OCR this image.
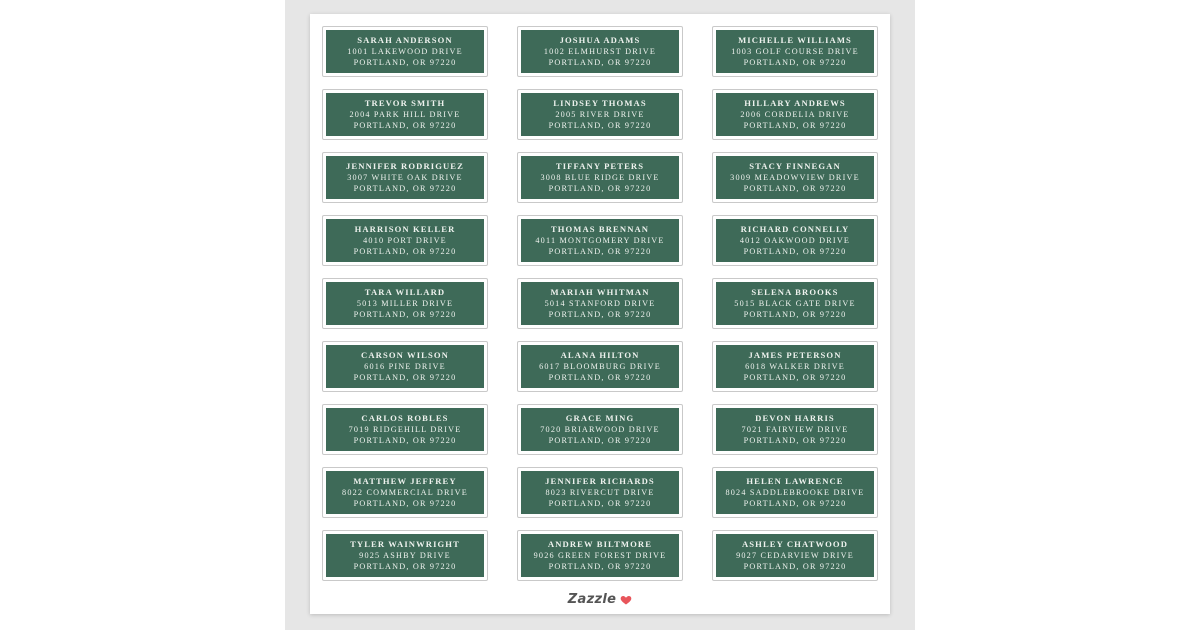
SARAH ANDERSON
1001 LAKEWOOD DRIVE
PORTLAND, OR 97220
JOSHUA ADAMS
1002 ELMHURST DRIVE
PORTLAND, OR 97220
MICHELLE WILLIAMS
1003 GOLF COURSE DRIVE
PORTLAND, OR 97220
TREVOR SMITH
2004 PARK HILL DRIVE
PORTLAND, OR 97220
LINDSEY THOMAS
2005 RIVER DRIVE
PORTLAND, OR 97220
HILLARY ANDREWS
2006 CORDELIA DRIVE
PORTLAND, OR 97220
JENNIFER RODRIGUEZ
3007 WHITE OAK DRIVE
PORTLAND, OR 97220
TIFFANY PETERS
3008 BLUE RIDGE DRIVE
PORTLAND, OR 97220
STACY FINNEGAN
3009 MEADOWVIEW DRIVE
PORTLAND, OR 97220
HARRISON KELLER
4010 PORT DRIVE
PORTLAND, OR 97220
THOMAS BRENNAN
4011 MONTGOMERY DRIVE
PORTLAND, OR 97220
RICHARD CONNELLY
4012 OAKWOOD DRIVE
PORTLAND, OR 97220
TARA WILLARD
5013 MILLER DRIVE
PORTLAND, OR 97220
MARIAH WHITMAN
5014 STANFORD DRIVE
PORTLAND, OR 97220
SELENA BROOKS
5015 BLACK GATE DRIVE
PORTLAND, OR 97220
CARSON WILSON
6016 PINE DRIVE
PORTLAND, OR 97220
ALANA HILTON
6017 BLOOMBURG DRIVE
PORTLAND, OR 97220
JAMES PETERSON
6018 WALKER DRIVE
PORTLAND, OR 97220
CARLOS ROBLES
7019 RIDGEHILL DRIVE
PORTLAND, OR 97220
GRACE MING
7020 BRIARWOOD DRIVE
PORTLAND, OR 97220
DEVON HARRIS
7021 FAIRVIEW DRIVE
PORTLAND, OR 97220
MATTHEW JEFFREY
8022 COMMERCIAL DRIVE
PORTLAND, OR 97220
JENNIFER RICHARDS
8023 RIVERCUT DRIVE
PORTLAND, OR 97220
HELEN LAWRENCE
8024 SADDLEBROOKE DRIVE
PORTLAND, OR 97220
TYLER WAINWRIGHT
9025 ASHBY DRIVE
PORTLAND, OR 97220
ANDREW BILTMORE
9026 GREEN FOREST DRIVE
PORTLAND, OR 97220
ASHLEY CHATWOOD
9027 CEDARVIEW DRIVE
PORTLAND, OR 97220
Zazzle
